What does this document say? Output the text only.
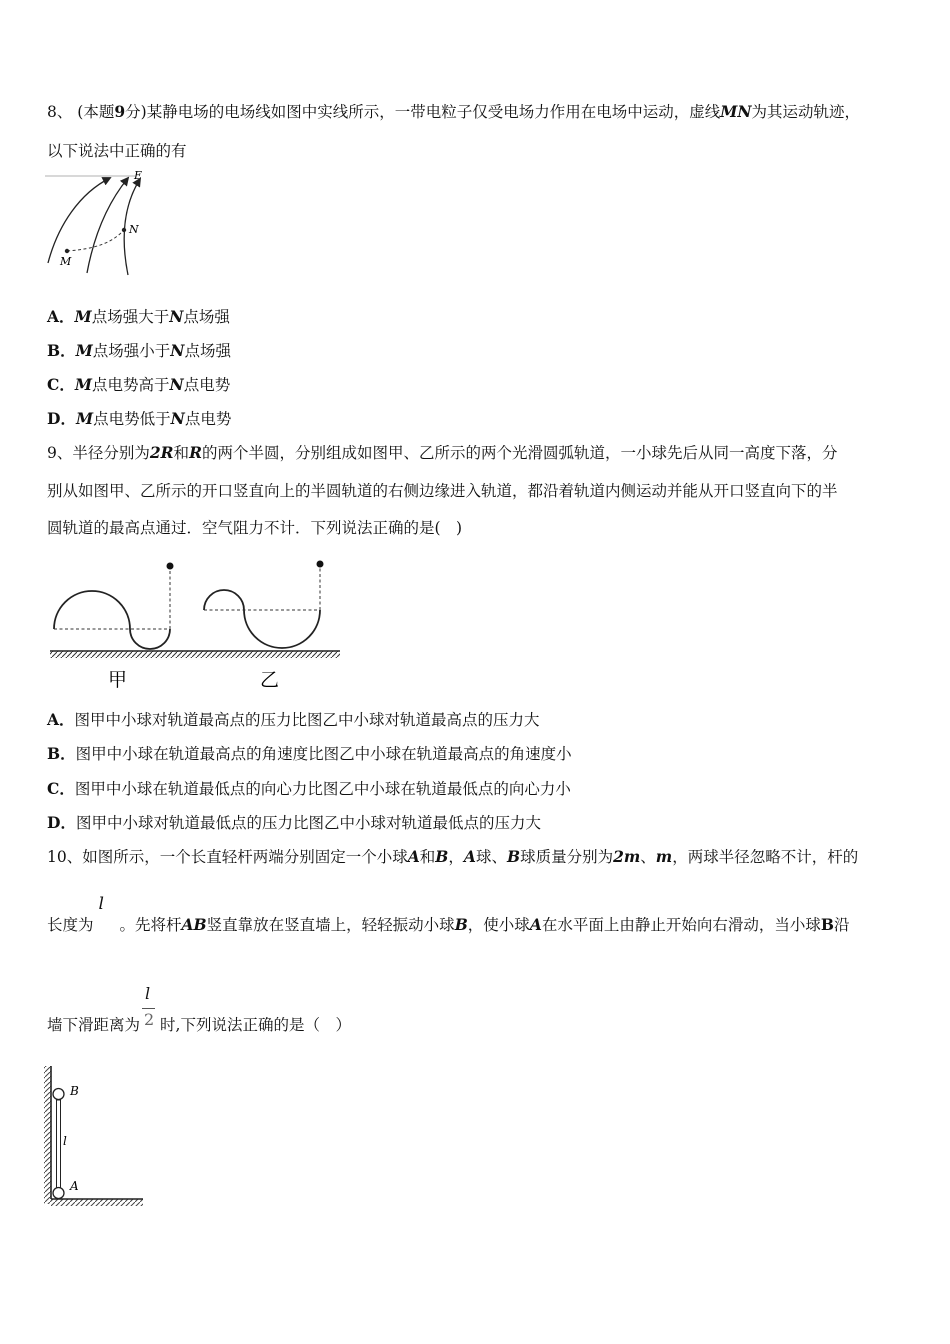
8、 (本题9分)某静电场的电场线如图中实线所示，一带电粒子仅受电场力作用在电场中运动，虚线MN为其运动轨迹，
以下说法中正确的有
E
N
M
A．M点场强大于N点场强
B．M点场强小于N点场强
C．M点电势高于N点电势
D．M点电势低于N点电势
9、半径分别为2R和R的两个半圆，分别组成如图甲、乙所示的两个光滑圆弧轨道，一小球先后从同一高度下落，分
别从如图甲、乙所示的开口竖直向上的半圆轨道的右侧边缘进入轨道，都沿着轨道内侧运动并能从开口竖直向下的半
圆轨道的最高点通过．空气阻力不计．下列说法正确的是(　)
甲	乙
A．图甲中小球对轨道最高点的压力比图乙中小球对轨道最高点的压力大
B．图甲中小球在轨道最高点的角速度比图乙中小球在轨道最高点的角速度小
C．图甲中小球在轨道最低点的向心力比图乙中小球在轨道最低点的向心力小
D．图甲中小球对轨道最低点的压力比图乙中小球对轨道最低点的压力大
10、如图所示，一个长直轻杆两端分别固定一个小球A和B，A球、B球质量分别为2m、m，两球半径忽略不计，杆的
长度为
l
。先将杆AB竖直靠放在竖直墙上，轻轻振动小球B，使小球A在水平面上由静止开始向右滑动，当小球B沿
墙下滑距离为 $\frac{l}{2}$ 时,下列说法正确的是（　）
B
l
A
